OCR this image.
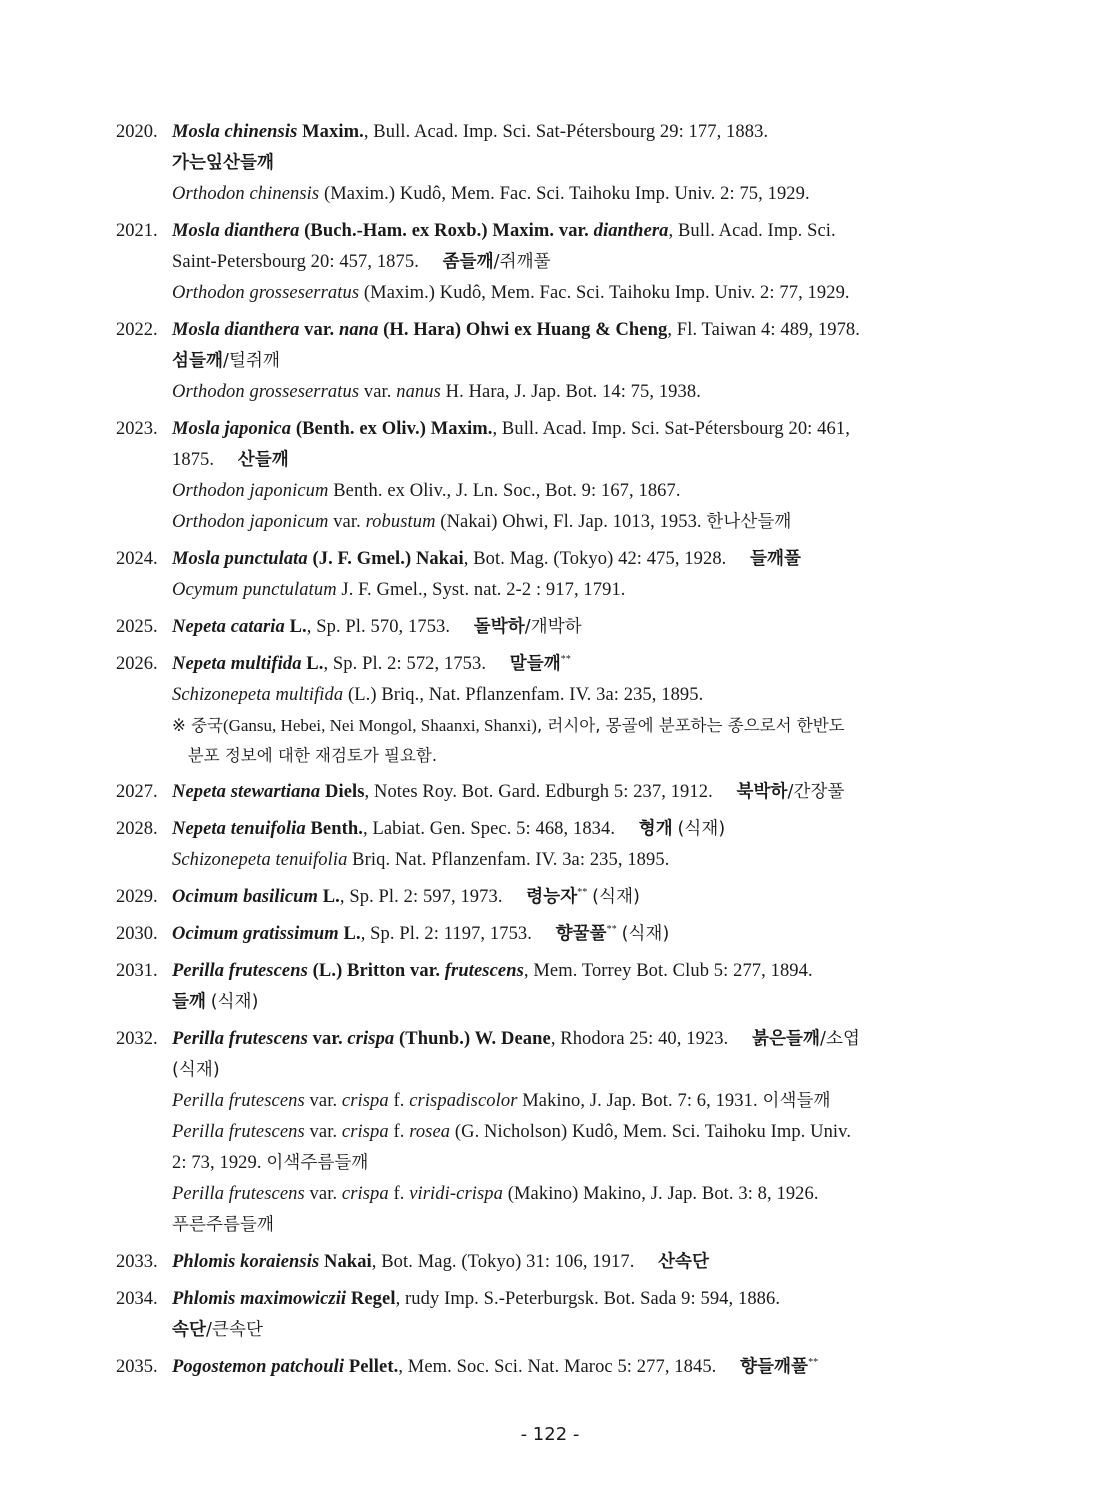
2020. Mosla chinensis Maxim., Bull. Acad. Imp. Sci. Sat-Pétersbourg 29: 177, 1883.
가는잎산들깨
Orthodon chinensis (Maxim.) Kudô, Mem. Fac. Sci. Taihoku Imp. Univ. 2: 75, 1929.
2021. Mosla dianthera (Buch.-Ham. ex Roxb.) Maxim. var. dianthera, Bull. Acad. Imp. Sci.
Saint-Petersbourg 20: 457, 1875.     좀들깨/쥐깨풀
Orthodon grosseserratus (Maxim.) Kudô, Mem. Fac. Sci. Taihoku Imp. Univ. 2: 77, 1929.
2022. Mosla dianthera var. nana (H. Hara) Ohwi ex Huang & Cheng, Fl. Taiwan 4: 489, 1978.
섬들깨/털쥐깨
Orthodon grosseserratus var. nanus H. Hara, J. Jap. Bot. 14: 75, 1938.
2023. Mosla japonica (Benth. ex Oliv.) Maxim., Bull. Acad. Imp. Sci. Sat-Pétersbourg 20: 461,
1875.     산들깨
Orthodon japonicum Benth. ex Oliv., J. Ln. Soc., Bot. 9: 167, 1867.
Orthodon japonicum var. robustum (Nakai) Ohwi, Fl. Jap. 1013, 1953. 한나산들깨
2024. Mosla punctulata (J. F. Gmel.) Nakai, Bot. Mag. (Tokyo) 42: 475, 1928.     들깨풀
Ocymum punctulatum J. F. Gmel., Syst. nat. 2-2 : 917, 1791.
2025. Nepeta cataria L., Sp. Pl. 570, 1753.     돌박하/개박하
2026. Nepeta multifida L., Sp. Pl. 2: 572, 1753.     말들깨**
Schizonepeta multifida (L.) Briq., Nat. Pflanzenfam. IV. 3a: 235, 1895.
※ 중국(Gansu, Hebei, Nei Mongol, Shaanxi, Shanxi), 러시아, 몽골에 분포하는 종으로서 한반도
분포 정보에 대한 재검토가 필요함.
2027. Nepeta stewartiana Diels, Notes Roy. Bot. Gard. Edburgh 5: 237, 1912.     북박하/간장풀
2028. Nepeta tenuifolia Benth., Labiat. Gen. Spec. 5: 468, 1834.     형개 (식재)
Schizonepeta tenuifolia Briq. Nat. Pflanzenfam. IV. 3a: 235, 1895.
2029. Ocimum basilicum L., Sp. Pl. 2: 597, 1973.     령능자** (식재)
2030. Ocimum gratissimum L., Sp. Pl. 2: 1197, 1753.     향꿀풀** (식재)
2031. Perilla frutescens (L.) Britton var. frutescens, Mem. Torrey Bot. Club 5: 277, 1894.
들깨 (식재)
2032. Perilla frutescens var. crispa (Thunb.) W. Deane, Rhodora 25: 40, 1923.     붉은들깨/소엽
(식재)
Perilla frutescens var. crispa f. crispadiscolor Makino, J. Jap. Bot. 7: 6, 1931. 이색들깨
Perilla frutescens var. crispa f. rosea (G. Nicholson) Kudô, Mem. Sci. Taihoku Imp. Univ.
2: 73, 1929. 이색주름들깨
Perilla frutescens var. crispa f. viridi-crispa (Makino) Makino, J. Jap. Bot. 3: 8, 1926.
푸른주름들깨
2033. Phlomis koraiensis Nakai, Bot. Mag. (Tokyo) 31: 106, 1917.     산속단
2034. Phlomis maximowiczii Regel, rudy Imp. S.-Peterburgsk. Bot. Sada 9: 594, 1886.
속단/큰속단
2035. Pogostemon patchouli Pellet., Mem. Soc. Sci. Nat. Maroc 5: 277, 1845.     향들깨풀**
- 122 -
